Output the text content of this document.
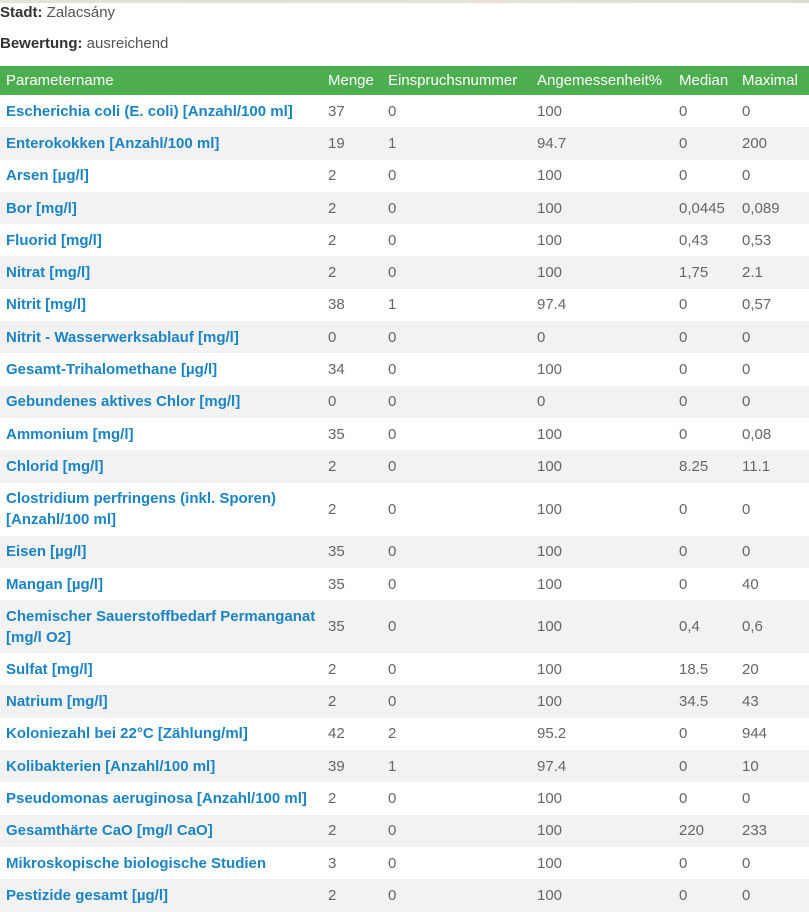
Stadt: Zalacsány
Bewertung: ausreichend
Parametername	Menge	Einspruchsnummer	Angemessenheit%	Median	Maximal
Escherichia coli (E. coli) [Anzahl/100 ml]	37	0	100	0	0
Enterokokken [Anzahl/100 ml]	19	1	94.7	0	200
Arsen [µg/l]	2	0	100	0	0
Bor [mg/l]	2	0	100	0,0445	0,089
Fluorid [mg/l]	2	0	100	0,43	0,53
Nitrat [mg/l]	2	0	100	1,75	2.1
Nitrit [mg/l]	38	1	97.4	0	0,57
Nitrit - Wasserwerksablauf [mg/l]	0	0	0	0	0
Gesamt-Trihalomethane [µg/l]	34	0	100	0	0
Gebundenes aktives Chlor [mg/l]	0	0	0	0	0
Ammonium [mg/l]	35	0	100	0	0,08
Chlorid [mg/l]	2	0	100	8.25	11.1
Clostridium perfringens (inkl. Sporen) [Anzahl/100 ml]	2	0	100	0	0
Eisen [µg/l]	35	0	100	0	0
Mangan [µg/l]	35	0	100	0	40
Chemischer Sauerstoffbedarf Permanganat [mg/l O2]	35	0	100	0,4	0,6
Sulfat [mg/l]	2	0	100	18.5	20
Natrium [mg/l]	2	0	100	34.5	43
Koloniezahl bei 22°C [Zählung/ml]	42	2	95.2	0	944
Kolibakterien [Anzahl/100 ml]	39	1	97.4	0	10
Pseudomonas aeruginosa [Anzahl/100 ml]	2	0	100	0	0
Gesamthärte CaO [mg/l CaO]	2	0	100	220	233
Mikroskopische biologische Studien	3	0	100	0	0
Pestizide gesamt [µg/l]	2	0	100	0	0
